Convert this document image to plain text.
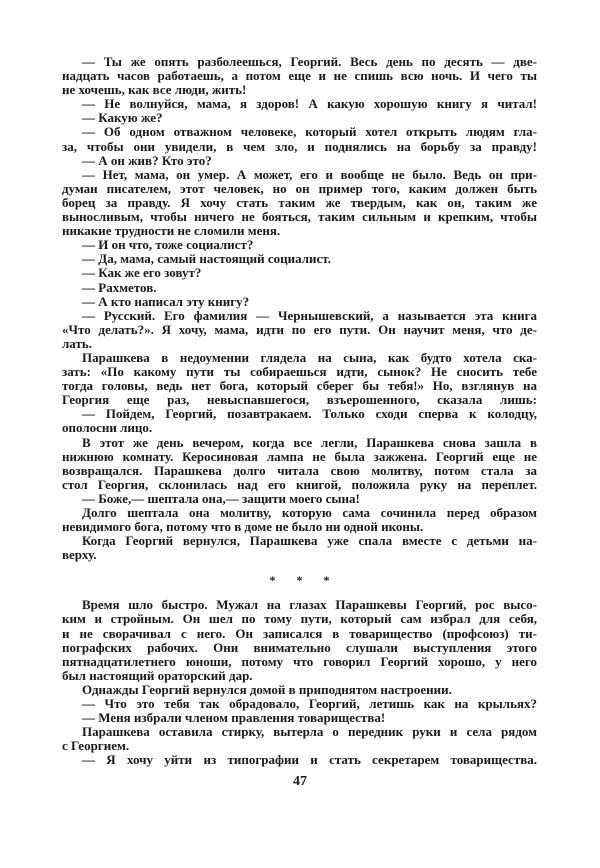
— Ты же опять разболеешься, Георгий. Весь день по десять — две-
надцать часов работаешь, а потом еще и не спишь всю ночь. И чего ты
не хочешь, как все люди, жить!
— Не волнуйся, мама, я здоров! А какую хорошую книгу я читал!
— Какую же?
— Об одном отважном человеке, который хотел открыть людям гла-
за, чтобы они увидели, в чем зло, и поднялись на борьбу за правду!
— А он жив? Кто это?
— Нет, мама, он умер. А может, его и вообще не было. Ведь он при-
думан писателем, этот человек, но он пример того, каким должен быть
борец за правду. Я хочу стать таким же твердым, как он, таким же
выносливым, чтобы ничего не бояться, таким сильным и крепким, чтобы
никакие трудности не сломили меня.
— И он что, тоже социалист?
— Да, мама, самый настоящий социалист.
— Как же его зовут?
— Рахметов.
— А кто написал эту книгу?
— Русский. Его фамилия — Чернышевский, а называется эта книга
«Что делать?». Я хочу, мама, идти по его пути. Он научит меня, что де-
лать.
Парашкева в недоумении глядела на сына, как будто хотела ска-
зать: «По какому пути ты собираешься идти, сынок? Не сносить тебе
тогда головы, ведь нет бога, который сберег бы тебя!» Но, взглянув на
Георгия еще раз, невыспавшегося, взъерошенного, сказала лишь:
— Пойдем, Георгий, позавтракаем. Только сходи сперва к колодцу,
ополосни лицо.
В этот же день вечером, когда все легли, Парашкева снова зашла в
нижнюю комнату. Керосиновая лампа не была зажжена. Георгий еще не
возвращался. Парашкева долго читала свою молитву, потом стала за
стол Георгия, склонилась над его книгой, положила руку на переплет.
— Боже,— шептала она,— защити моего сына!
Долго шептала она молитву, которую сама сочинила перед образом
невидимого бога, потому что в доме не было ни одной иконы.
Когда Георгий вернулся, Парашкева уже спала вместе с детьми на-
верху.
* * *
Время шло быстро. Мужал на глазах Парашкевы Георгий, рос высо-
ким и стройным. Он шел по тому пути, который сам избрал для себя,
и не сворачивал с него. Он записался в товарищество (профсоюз) ти-
пографских рабочих. Они внимательно слушали выступления этого
пятнадцатилетнего юноши, потому что говорил Георгий хорошо, у него
был настоящий ораторский дар.
Однажды Георгий вернулся домой в приподнятом настроении.
— Что это тебя так обрадовало, Георгий, летишь как на крыльях?
— Меня избрали членом правления товарищества!
Парашкева оставила стирку, вытерла о передник руки и села рядом
с Георгием.
— Я хочу уйти из типографии и стать секретарем товарищества.
47
